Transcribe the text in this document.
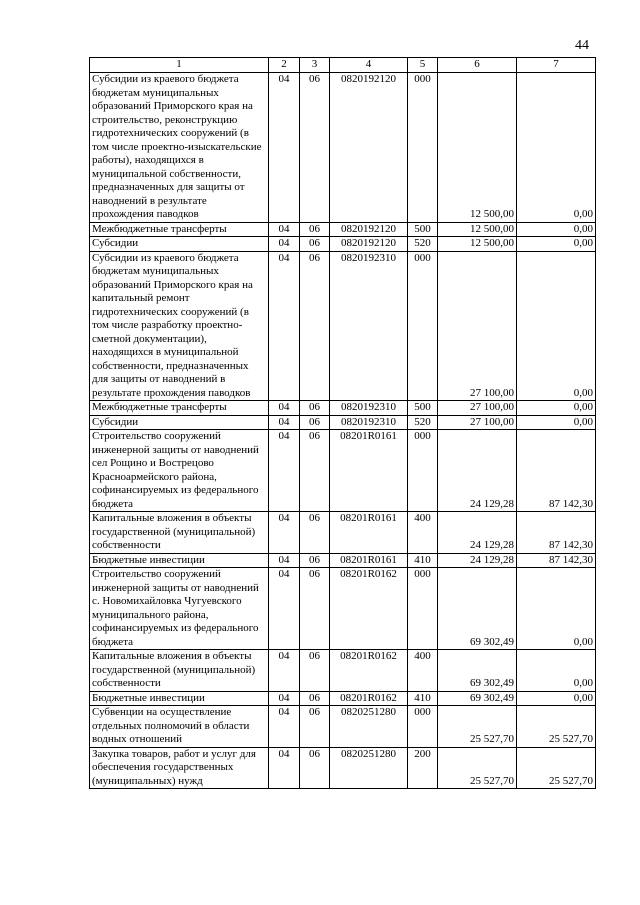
44
1	2	3	4	5	6	7
Субсидии из краевого бюджета бюджетам муниципальных образований Приморского края на строительство, реконструкцию гидротехнических сооружений (в том числе проектно-изыскательские работы), находящихся в муниципальной собственности, предназначенных для защиты от наводнений в результате прохождения паводков	04	06	0820192120	000	12 500,00	0,00
Межбюджетные трансферты	04	06	0820192120	500	12 500,00	0,00
Субсидии	04	06	0820192120	520	12 500,00	0,00
Субсидии из краевого бюджета бюджетам муниципальных образований Приморского края на капитальный ремонт гидротехнических сооружений (в том числе разработку проектно-сметной документации), находящихся в муниципальной собственности, предназначенных для защиты от наводнений в результате прохождения паводков	04	06	0820192310	000	27 100,00	0,00
Межбюджетные трансферты	04	06	0820192310	500	27 100,00	0,00
Субсидии	04	06	0820192310	520	27 100,00	0,00
Строительство сооружений инженерной защиты от наводнений сел Рощино и Вострецово Красноармейского района, софинансируемых из федерального бюджета	04	06	08201R0161	000	24 129,28	87 142,30
Капитальные вложения в объекты государственной (муниципальной) собственности	04	06	08201R0161	400	24 129,28	87 142,30
Бюджетные инвестиции	04	06	08201R0161	410	24 129,28	87 142,30
Строительство сооружений инженерной защиты от наводнений с. Новомихайловка Чугуевского муниципального района, софинансируемых из федерального бюджета	04	06	08201R0162	000	69 302,49	0,00
Капитальные вложения в объекты государственной (муниципальной) собственности	04	06	08201R0162	400	69 302,49	0,00
Бюджетные инвестиции	04	06	08201R0162	410	69 302,49	0,00
Субвенции на осуществление отдельных полномочий в области водных отношений	04	06	0820251280	000	25 527,70	25 527,70
Закупка товаров, работ и услуг для обеспечения государственных (муниципальных) нужд	04	06	0820251280	200	25 527,70	25 527,70
